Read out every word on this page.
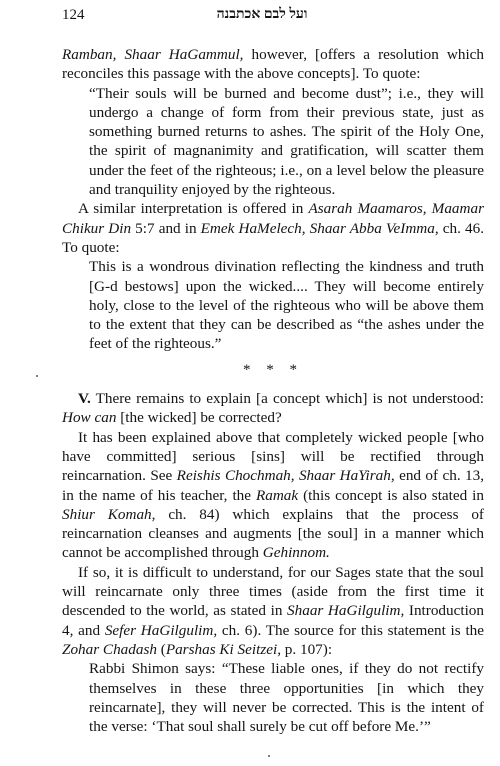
124	ועל לבם אכתבנה

Ramban, Shaar HaGammul, however, [offers a resolution which reconciles this passage with the above concepts]. To quote:

“Their souls will be burned and become dust”; i.e., they will undergo a change of form from their previous state, just as something burned returns to ashes. The spirit of the Holy One, the spirit of magnanimity and gratification, will scatter them under the feet of the righteous; i.e., on a level below the pleasure and tranquility enjoyed by the righteous.

A similar interpretation is offered in Asarah Maamaros, Maamar Chikur Din 5:7 and in Emek HaMelech, Shaar Abba VeImma, ch. 46. To quote:

This is a wondrous divination reflecting the kindness and truth [G-d bestows] upon the wicked.... They will become entirely holy, close to the level of the righteous who will be above them to the extent that they can be described as “the ashes under the feet of the righteous.”

* * *

V. There remains to explain [a concept which] is not understood: How can [the wicked] be corrected?

It has been explained above that completely wicked people [who have committed] serious [sins] will be rectified through reincarnation. See Reishis Chochmah, Shaar HaYirah, end of ch. 13, in the name of his teacher, the Ramak (this concept is also stated in Shiur Komah, ch. 84) which explains that the process of reincarnation cleanses and augments [the soul] in a manner which cannot be accomplished through Gehinnom.

If so, it is difficult to understand, for our Sages state that the soul will reincarnate only three times (aside from the first time it descended to the world, as stated in Shaar HaGilgulim, Introduction 4, and Sefer HaGilgulim, ch. 6). The source for this statement is the Zohar Chadash (Parshas Ki Seitzei, p. 107):

Rabbi Shimon says: “These liable ones, if they do not rectify themselves in these three opportunities [in which they reincarnate], they will never be corrected. This is the intent of the verse: ‘That soul shall surely be cut off before Me.’”
